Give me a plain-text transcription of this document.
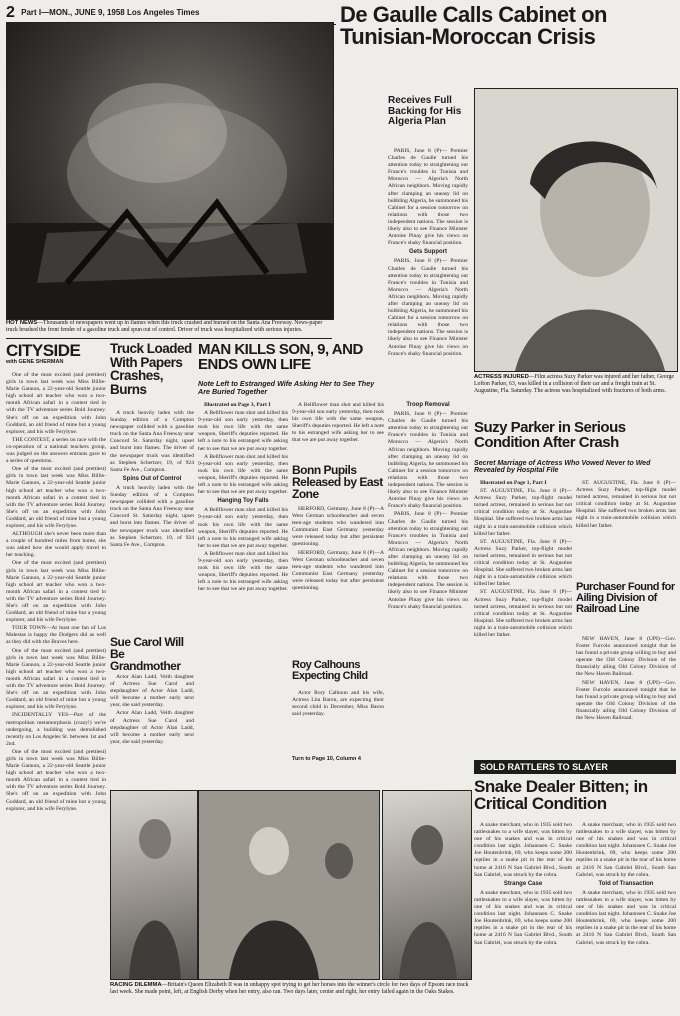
2 Part I—MON., JUNE 9, 1958 Los Angeles Times	De Gaulle Calls Cabinet on Tunisian-Moroccan Crisis
HOT NEWS—Thousands of newspapers went up in flames when this truck crashed and burned on the Santa Ana Freeway. News-paper truck brushed the front fender of a gasoline truck and spun out of control. Driver of truck was hospitalized with serious injuries.
Receives Full Backing for His Algeria Plan

PARIS, June 8 (P)— Premier Charles de Gaulle turned his attention today to straightening out France's troubles in Tunisia and Morocco — Algeria's North African neighbors. Moving rapidly after clamping an uneasy lid on bubbling Algeria, he summoned his Cabinet for a session tomorrow on relations with those two independent nations. The session is likely also to see Finance Minister Antoine Pinay give his views on France's shaky financial position.

Gets Support

PARIS, June 8 (P)— Premier Charles de Gaulle turned his attention today to straightening out France's troubles in Tunisia and Morocco — Algeria's North African neighbors. Moving rapidly after clamping an uneasy lid on bubbling Algeria, he summoned his Cabinet for a session tomorrow on relations with those two independent nations. The session is likely also to see Finance Minister Antoine Pinay give his views on France's shaky financial position.

Troop Removal

PARIS, June 8 (P)— Premier Charles de Gaulle turned his attention today to straightening out France's troubles in Tunisia and Morocco — Algeria's North African neighbors. Moving rapidly after clamping an uneasy lid on bubbling Algeria, he summoned his Cabinet for a session tomorrow on relations with those two independent nations. The session is likely also to see Finance Minister Antoine Pinay give his views on France's shaky financial position.

PARIS, June 8 (P)— Premier Charles de Gaulle turned his attention today to straightening out France's troubles in Tunisia and Morocco — Algeria's North African neighbors. Moving rapidly after clamping an uneasy lid on bubbling Algeria, he summoned his Cabinet for a session tomorrow on relations with those two independent nations. The session is likely also to see Finance Minister Antoine Pinay give his views on France's shaky financial position.

ACTRESS INJURED—Film actress Suzy Parker was injured and her father, George Lofton Parker, 63, was killed in a collision of their car and a freight train at St. Augustine, Fla. Saturday. The actress was hospitalized with fractures of both arms.
CITYSIDE
with GENE SHERMAN

One of the most excited (and prettiest) girls in town last week was Miss Billie-Marie Gannon, a 22-year-old Seattle junior high school art teacher who won a two-month African safari in a contest tied in with the TV adventure series Bold Journey. She's off on an expedition with John Goddard, an old friend of mine but a young explorer, and his wife Ferylyne.

THE CONTEST, a series on race with the co-operation of a national teachers group, was judged on the answers entrants gave to a series of questions.

One of the most excited (and prettiest) girls in town last week was Miss Billie-Marie Gannon, a 22-year-old Seattle junior high school art teacher who won a two-month African safari in a contest tied in with the TV adventure series Bold Journey. She's off on an expedition with John Goddard, an old friend of mine but a young explorer, and his wife Ferylyne.

ALTHOUGH she's never been more than a couple of hundred miles from home, she was asked how she would apply travel to her teaching.

One of the most excited (and prettiest) girls in town last week was Miss Billie-Marie Gannon, a 22-year-old Seattle junior high school art teacher who won a two-month African safari in a contest tied in with the TV adventure series Bold Journey. She's off on an expedition with John Goddard, an old friend of mine but a young explorer, and his wife Ferylyne.

TOUR TOWN—At least one fan of Los Malestas is happy the Dodgers did as well as they did with the Braves here.

One of the most excited (and prettiest) girls in town last week was Miss Billie-Marie Gannon, a 22-year-old Seattle junior high school art teacher who won a two-month African safari in a contest tied in with the TV adventure series Bold Journey. She's off on an expedition with John Goddard, an old friend of mine but a young explorer, and his wife Ferylyne.

INCIDENTALLY YES—Part of the metropolitan metamorphosis (crazy!) we're undergoing, a building was demolished recently on Los Angeles St. between 1st and 2nd.

One of the most excited (and prettiest) girls in town last week was Miss Billie-Marie Gannon, a 22-year-old Seattle junior high school art teacher who won a two-month African safari in a contest tied in with the TV adventure series Bold Journey. She's off on an expedition with John Goddard, an old friend of mine but a young explorer, and his wife Ferylyne.

Truck Loaded With Papers Crashes, Burns

A truck heavily laden with the Sunday edition of a Compton newspaper collided with a gasoline truck on the Santa Ana Freeway near Concord St. Saturday night, upset and burst into flames. The driver of the newspaper truck was identified as Stephen Schertzer, 19, of 924 Santa Fe Ave., Compton.

Spins Out of Control

A truck heavily laden with the Sunday edition of a Compton newspaper collided with a gasoline truck on the Santa Ana Freeway near Concord St. Saturday night, upset and burst into flames. The driver of the newspaper truck was identified as Stephen Schertzer, 19, of 924 Santa Fe Ave., Compton.

Sue Carol Will Be Grandmother

Actor Alan Ladd, Veith daughter of Actress Sue Carol and stepdaughter of Actor Alan Ladd, will become a mother early next year, she said yesterday.

Actor Alan Ladd, Veith daughter of Actress Sue Carol and stepdaughter of Actor Alan Ladd, will become a mother early next year, she said yesterday.

MAN KILLS SON, 9, AND ENDS OWN LIFE
Note Left to Estranged Wife Asking Her to See They Are Buried Together

Illustrated on Page 3, Part I

A Bellflower man shot and killed his 9-year-old son early yesterday, then took his own life with the same weapon, Sheriff's deputies reported. He left a note to his estranged wife asking her to see that we are put away together.

A Bellflower man shot and killed his 9-year-old son early yesterday, then took his own life with the same weapon, Sheriff's deputies reported. He left a note to his estranged wife asking her to see that we are put away together.

Hanging Toy Falls

A Bellflower man shot and killed his 9-year-old son early yesterday, then took his own life with the same weapon, Sheriff's deputies reported. He left a note to his estranged wife asking her to see that we are put away together.

A Bellflower man shot and killed his 9-year-old son early yesterday, then took his own life with the same weapon, Sheriff's deputies reported. He left a note to his estranged wife asking her to see that we are put away together.

A Bellflower man shot and killed his 9-year-old son early yesterday, then took his own life with the same weapon, Sheriff's deputies reported. He left a note to his estranged wife asking her to see that we are put away together.

Bonn Pupils Released by East Zone

HERFORD, Germany, June 8 (P)—A West German schoolteacher and seven teen-age students who wandered into Communist East Germany yesterday were released today but after persistent questioning.

HERFORD, Germany, June 8 (P)—A West German schoolteacher and seven teen-age students who wandered into Communist East Germany yesterday were released today but after persistent questioning.

Roy Calhouns Expecting Child

Actor Rory Calhoun and his wife, Actress Lita Baron, are expecting their second child in December, Miss Baron said yesterday.

Turn to Page 10, Column 4
Suzy Parker in Serious Condition After Crash
Secret Marriage of Actress Who Vowed Never to Wed Revealed by Hospital File

Illustrated on Page 1, Part I

ST. AUGUSTINE, Fla. June 8 (P)—Actress Suzy Parker, top-flight model turned actress, remained in serious but not critical condition today at St. Augustine Hospital. She suffered two broken arms last night in a train-automobile collision which killed her father.

ST. AUGUSTINE, Fla. June 8 (P)—Actress Suzy Parker, top-flight model turned actress, remained in serious but not critical condition today at St. Augustine Hospital. She suffered two broken arms last night in a train-automobile collision which killed her father.

ST. AUGUSTINE, Fla. June 8 (P)—Actress Suzy Parker, top-flight model turned actress, remained in serious but not critical condition today at St. Augustine Hospital. She suffered two broken arms last night in a train-automobile collision which killed her father.

ST. AUGUSTINE, Fla. June 8 (P)—Actress Suzy Parker, top-flight model turned actress, remained in serious but not critical condition today at St. Augustine Hospital. She suffered two broken arms last night in a train-automobile collision which killed her father.

Purchaser Found for Ailing Division of Railroad Line

NEW HAVEN, June 8 (UPI)—Gov. Foster Furcolo announced tonight that he has found a private group willing to buy and operate the Old Colony Division of the financially ailing Old Colony Division of the New Haven Railroad.

NEW HAVEN, June 8 (UPI)—Gov. Foster Furcolo announced tonight that he has found a private group willing to buy and operate the Old Colony Division of the financially ailing Old Colony Division of the New Haven Railroad.

SOLD RATTLERS TO SLAYER
Snake Dealer Bitten; in Critical Condition

A snake merchant, who in 1935 sold two rattlesnakes to a wife slayer, was bitten by one of his snakes and was in critical condition last night. Johannsen C. Snake Joe Houtenbrink, 69, who keeps some 200 reptiles in a snake pit in the rear of his home at 2416 N San Gabriel Blvd., South San Gabriel, was struck by the cobra.

Strange Case

A snake merchant, who in 1935 sold two rattlesnakes to a wife slayer, was bitten by one of his snakes and was in critical condition last night. Johannsen C. Snake Joe Houtenbrink, 69, who keeps some 200 reptiles in a snake pit in the rear of his home at 2416 N San Gabriel Blvd., South San Gabriel, was struck by the cobra.

A snake merchant, who in 1935 sold two rattlesnakes to a wife slayer, was bitten by one of his snakes and was in critical condition last night. Johannsen C. Snake Joe Houtenbrink, 69, who keeps some 200 reptiles in a snake pit in the rear of his home at 2416 N San Gabriel Blvd., South San Gabriel, was struck by the cobra.

Told of Transaction

A snake merchant, who in 1935 sold two rattlesnakes to a wife slayer, was bitten by one of his snakes and was in critical condition last night. Johannsen C. Snake Joe Houtenbrink, 69, who keeps some 200 reptiles in a snake pit in the rear of his home at 2416 N San Gabriel Blvd., South San Gabriel, was struck by the cobra.

RACING DILEMMA—Britain's Queen Elizabeth II was in unhappy spot trying to get her horses into the winner's circle for two days of Epsom race track last week. She made point, left, at English Derby when her entry, also ran. Two days later, center and right, her entry failed again in the Oaks Stakes.
